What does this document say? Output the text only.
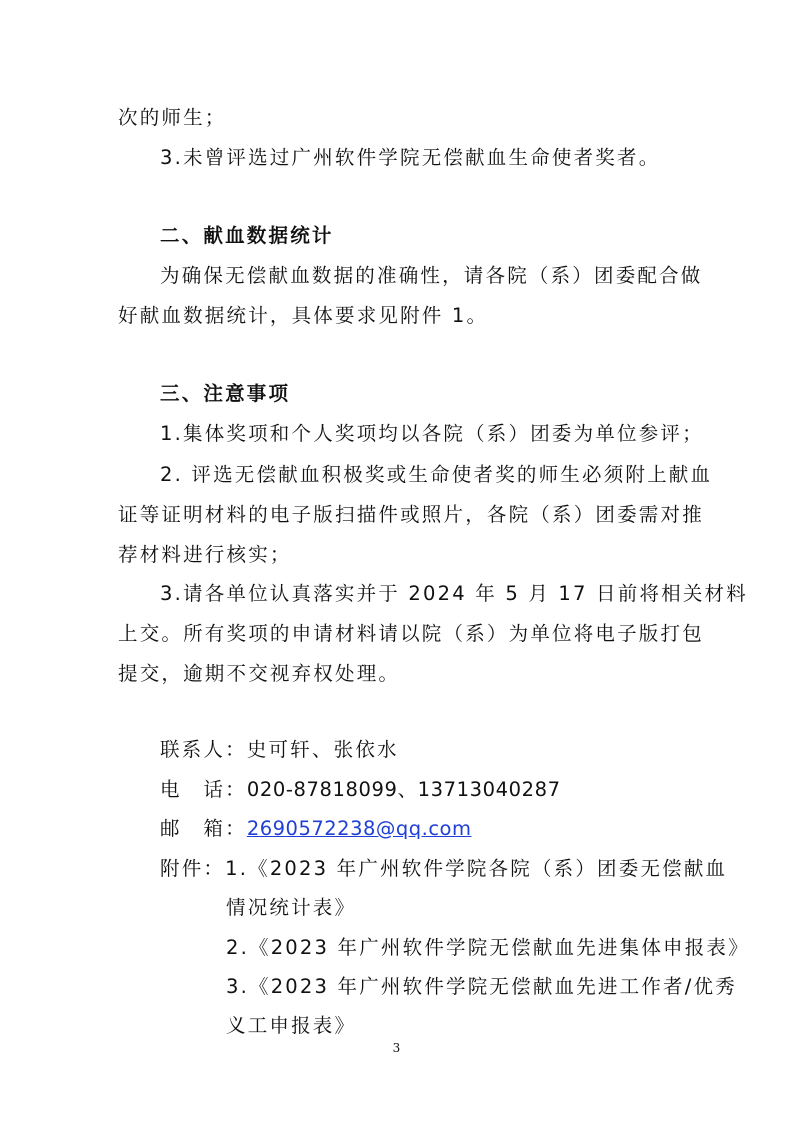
次的师生；
3.未曾评选过广州软件学院无偿献血生命使者奖者。
二、献血数据统计
为确保无偿献血数据的准确性，请各院（系）团委配合做
好献血数据统计，具体要求见附件 1。
三、注意事项
1.集体奖项和个人奖项均以各院（系）团委为单位参评；
2. 评选无偿献血积极奖或生命使者奖的师生必须附上献血
证等证明材料的电子版扫描件或照片，各院（系）团委需对推
荐材料进行核实；
3.请各单位认真落实并于 2024 年 5 月 17 日前将相关材料
上交。所有奖项的申请材料请以院（系）为单位将电子版打包
提交，逾期不交视弃权处理。
联系人：史可轩、张依水
电　话：020-87818099、13713040287
邮　箱：2690572238@qq.com
附件：1.《2023 年广州软件学院各院（系）团委无偿献血
情况统计表》
2.《2023 年广州软件学院无偿献血先进集体申报表》
3.《2023 年广州软件学院无偿献血先进工作者/优秀
义工申报表》
3
